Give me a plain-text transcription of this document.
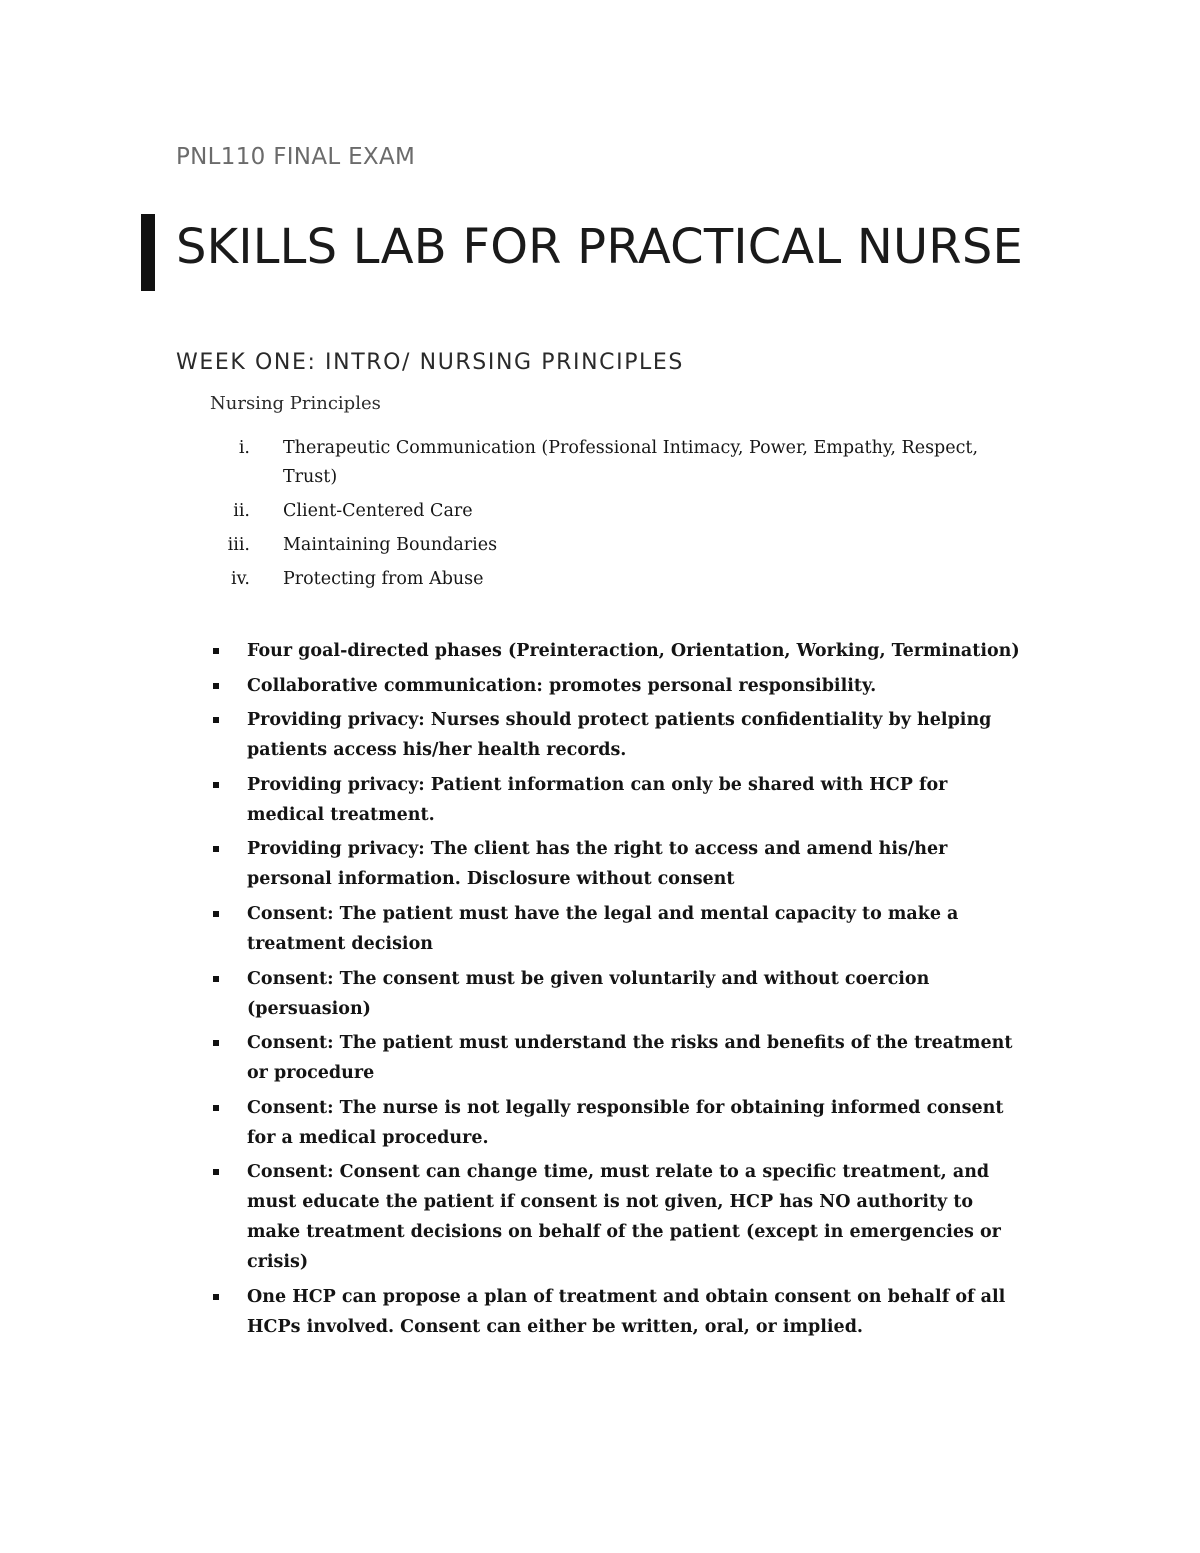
PNL110 FINAL EXAM
SKILLS LAB FOR PRACTICAL NURSE
WEEK ONE: INTRO/ NURSING PRINCIPLES
Nursing Principles
i. Therapeutic Communication (Professional Intimacy, Power, Empathy, Respect, Trust)
ii. Client-Centered Care
iii. Maintaining Boundaries
iv. Protecting from Abuse
Four goal-directed phases (Preinteraction, Orientation, Working, Termination)
Collaborative communication: promotes personal responsibility.
Providing privacy: Nurses should protect patients confidentiality by helping patients access his/her health records.
Providing privacy: Patient information can only be shared with HCP for medical treatment.
Providing privacy: The client has the right to access and amend his/her personal information. Disclosure without consent
Consent: The patient must have the legal and mental capacity to make a treatment decision
Consent: The consent must be given voluntarily and without coercion (persuasion)
Consent: The patient must understand the risks and benefits of the treatment or procedure
Consent: The nurse is not legally responsible for obtaining informed consent for a medical procedure.
Consent: Consent can change time, must relate to a specific treatment, and must educate the patient if consent is not given, HCP has NO authority to make treatment decisions on behalf of the patient (except in emergencies or crisis)
One HCP can propose a plan of treatment and obtain consent on behalf of all HCPs involved. Consent can either be written, oral, or implied.
